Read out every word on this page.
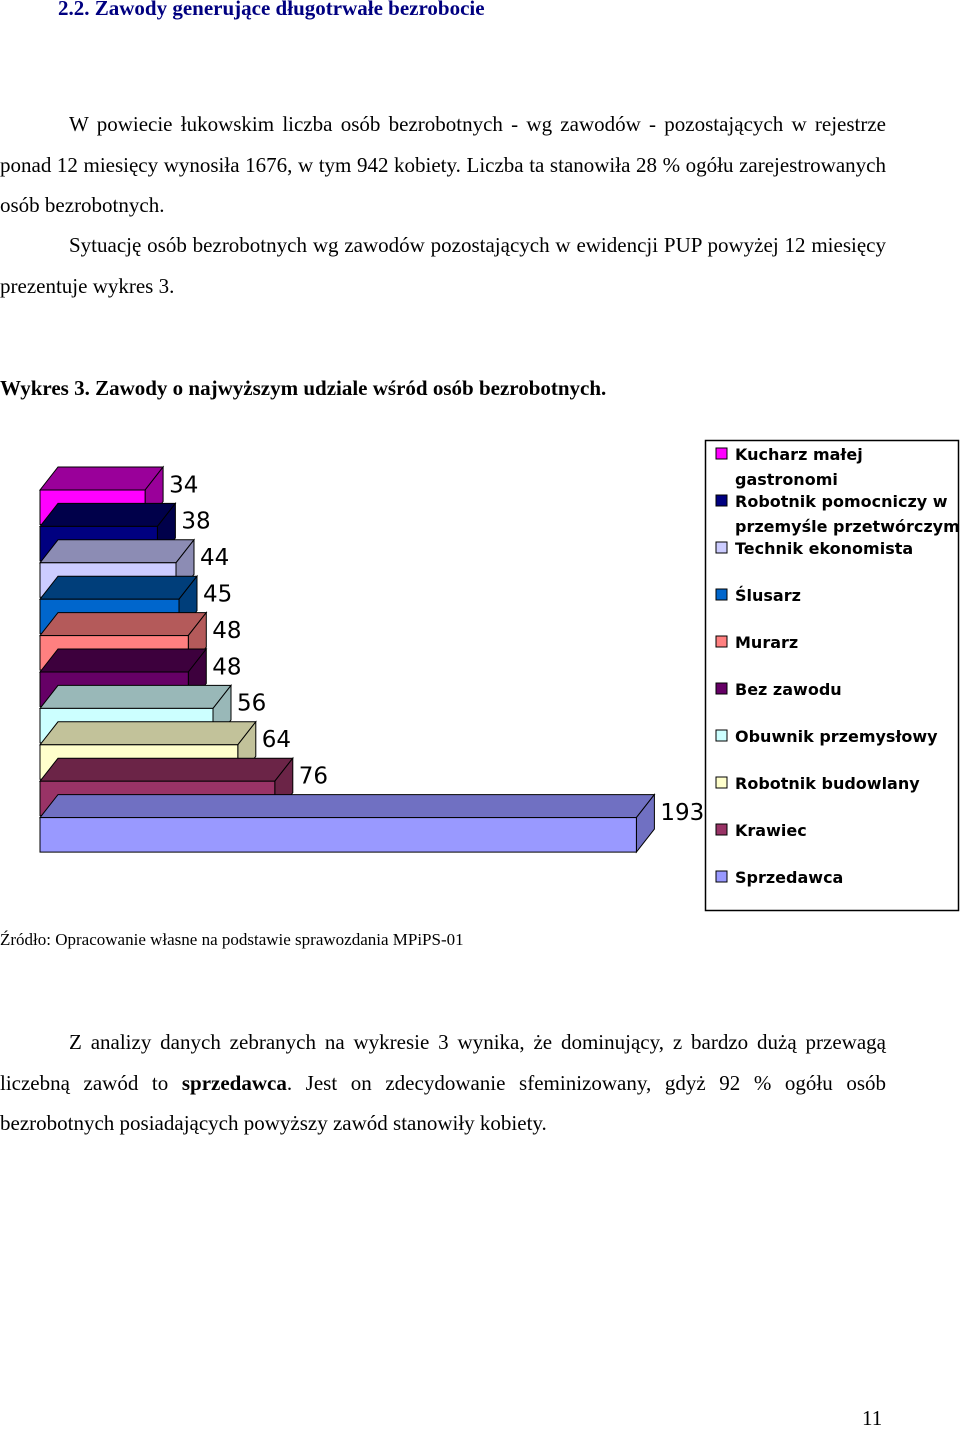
2.2. Zawody generujące długotrwałe bezrobocie

W powiecie łukowskim liczba osób bezrobotnych - wg zawodów - pozostających w rejestrze ponad 12 miesięcy wynosiła 1676, w tym 942 kobiety. Liczba ta stanowiła 28 % ogółu zarejestrowanych osób bezrobotnych.

Sytuację osób bezrobotnych wg zawodów pozostających w ewidencji PUP powyżej 12 miesięcy prezentuje wykres 3.

Wykres 3. Zawody o najwyższym udziale wśród osób bezrobotnych.

34
38
44
45
48
48
56
64
76
193
Kucharz małej
gastronomi
Robotnik pomocniczy w
przemyśle przetwórczym
Technik ekonomista
Ślusarz
Murarz
Bez zawodu
Obuwnik przemysłowy
Robotnik budowlany
Krawiec
Sprzedawca

Źródło: Opracowanie własne na podstawie sprawozdania MPiPS-01

Z analizy danych zebranych na wykresie 3 wynika, że dominujący, z bardzo dużą przewagą liczebną zawód to sprzedawca. Jest on zdecydowanie sfeminizowany, gdyż 92 % ogółu osób bezrobotnych posiadających powyższy zawód stanowiły kobiety.

11
